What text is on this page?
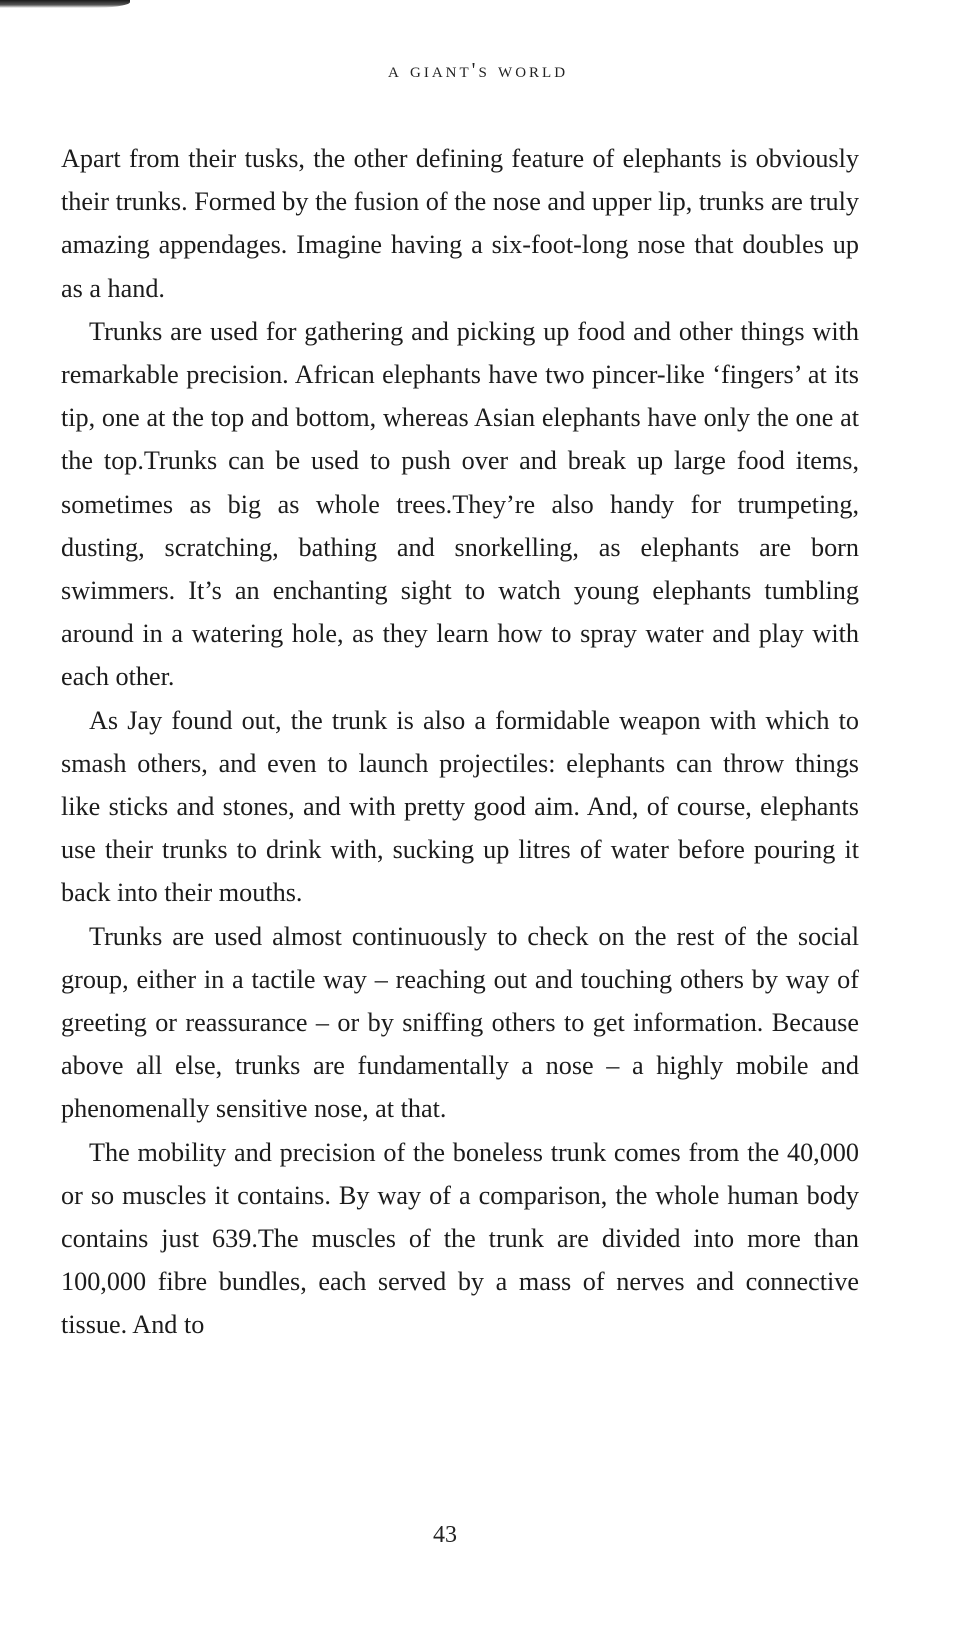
a giant's world

Apart from their tusks, the other defining feature of elephants is obviously their trunks. Formed by the fusion of the nose and upper lip, trunks are truly amazing appendages. Imagine having a six-foot-long nose that doubles up as a hand.

Trunks are used for gathering and picking up food and other things with remarkable precision. African elephants have two pincer-like ‘fingers’ at its tip, one at the top and bottom, whereas Asian elephants have only the one at the top.Trunks can be used to push over and break up large food items, sometimes as big as whole trees.They’re also handy for trumpeting, dusting, scratching, bathing and snorkelling, as elephants are born swimmers. It’s an enchanting sight to watch young elephants tumbling around in a watering hole, as they learn how to spray water and play with each other.

As Jay found out, the trunk is also a formidable weapon with which to smash others, and even to launch projectiles: elephants can throw things like sticks and stones, and with pretty good aim. And, of course, elephants use their trunks to drink with, sucking up litres of water before pouring it back into their mouths.

Trunks are used almost continuously to check on the rest of the social group, either in a tactile way – reaching out and touching others by way of greeting or reassurance – or by sniffing others to get information. Because above all else, trunks are fundamentally a nose – a highly mobile and phenomenally sensitive nose, at that.

The mobility and precision of the boneless trunk comes from the 40,000 or so muscles it contains. By way of a comparison, the whole human body contains just 639.The muscles of the trunk are divided into more than 100,000 fibre bundles, each served by a mass of nerves and connective tissue. And to

43
